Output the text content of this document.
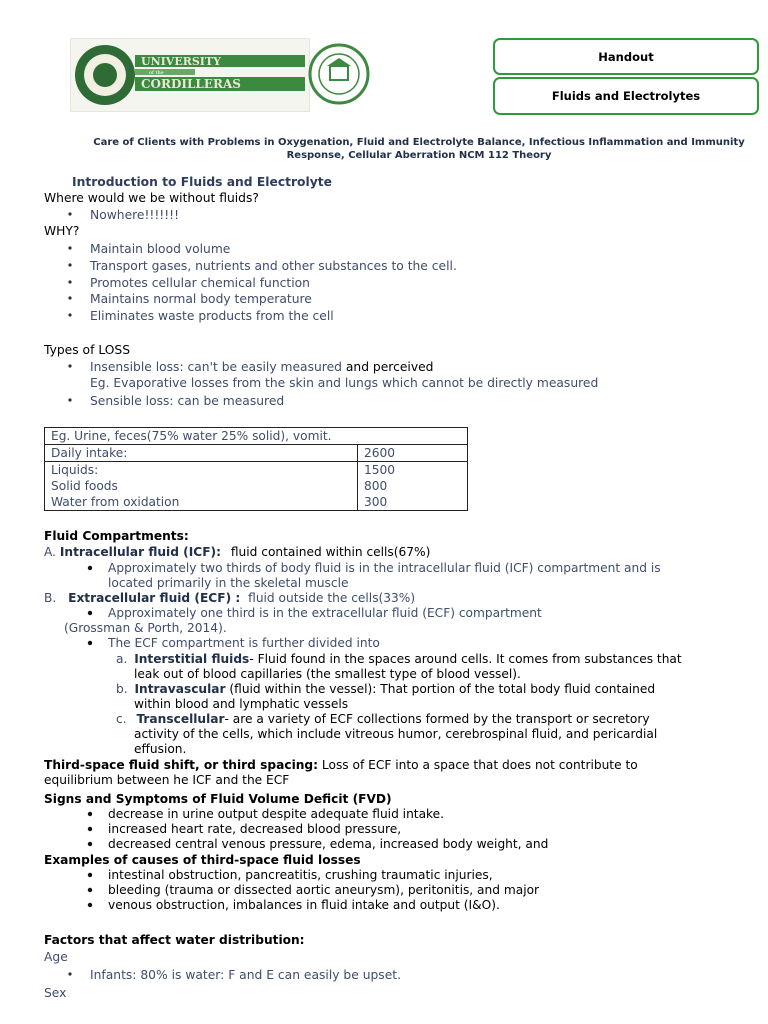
UNIVERSITY
of the
CORDILLERAS
Handout
Fluids and Electrolytes
Care of Clients with Problems in Oxygenation, Fluid and Electrolyte Balance, Infectious Inflammation and Immunity Response, Cellular Aberration NCM 112 Theory
Introduction to Fluids and Electrolyte
Where would we be without fluids?
Nowhere!!!!!!!
WHY?
Maintain blood volume
Transport gases, nutrients and other substances to the cell.
Promotes cellular chemical function
Maintains normal body temperature
Eliminates waste products from the cell
Types of LOSS
Insensible loss: can't be easily measured and perceived
Eg. Evaporative losses from the skin and lungs which cannot be directly measured
Sensible loss: can be measured
Eg. Urine, feces(75% water 25% solid), vomit.	
Daily intake:	2600
Liquids:	1500
Solid foods	800
Water from oxidation	300
Fluid Compartments:
A. Intracellular fluid (ICF): fluid contained within cells(67%)
Approximately two thirds of body fluid is in the intracellular fluid (ICF) compartment and is
located primarily in the skeletal muscle
B. Extracellular fluid (ECF) : fluid outside the cells(33%)
Approximately one third is in the extracellular fluid (ECF) compartment
(Grossman & Porth, 2014).
The ECF compartment is further divided into
a. Interstitial fluids- Fluid found in the spaces around cells. It comes from substances that
leak out of blood capillaries (the smallest type of blood vessel).
b. Intravascular (fluid within the vessel): That portion of the total body fluid contained
within blood and lymphatic vessels
c. Transcellular- are a variety of ECF collections formed by the transport or secretory
activity of the cells, which include vitreous humor, cerebrospinal fluid, and pericardial
effusion.
Third-space fluid shift, or third spacing: Loss of ECF into a space that does not contribute to
equilibrium between he ICF and the ECF
Signs and Symptoms of Fluid Volume Deficit (FVD)
decrease in urine output despite adequate fluid intake.
increased heart rate, decreased blood pressure,
decreased central venous pressure, edema, increased body weight, and
Examples of causes of third-space fluid losses
intestinal obstruction, pancreatitis, crushing traumatic injuries,
bleeding (trauma or dissected aortic aneurysm), peritonitis, and major
venous obstruction, imbalances in fluid intake and output (I&O).
Factors that affect water distribution:
Age
Infants: 80% is water: F and E can easily be upset.
Sex
